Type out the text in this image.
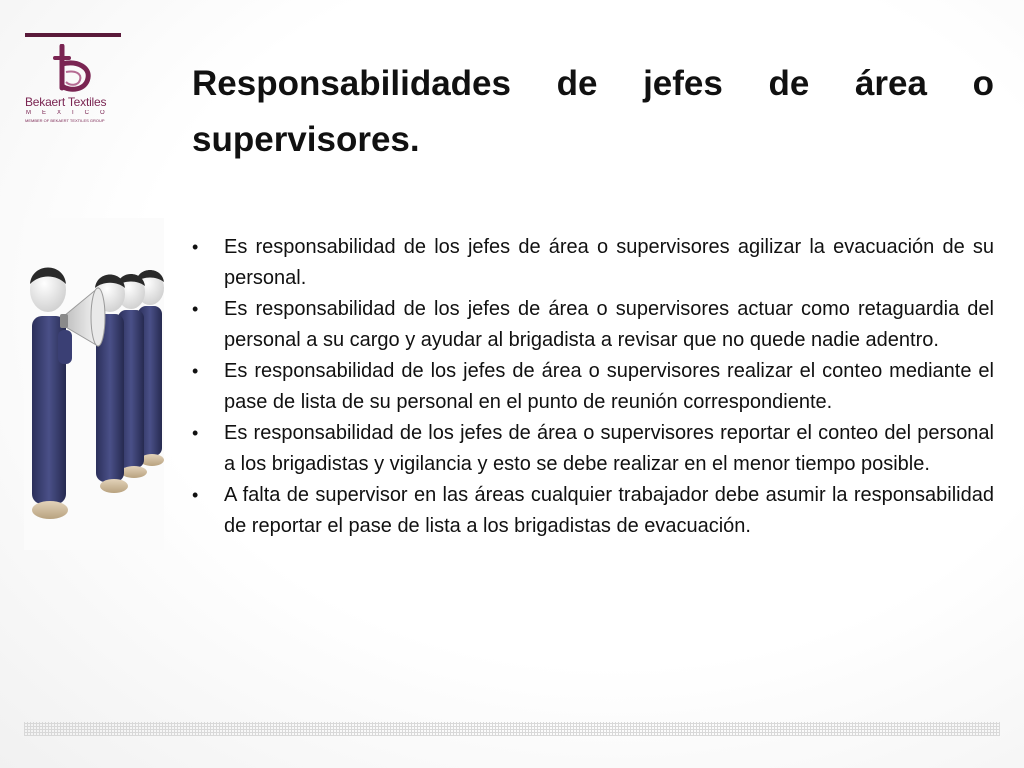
Bekaert Textiles
MEXICO
MEMBER OF BEKAERT TEXTILES GROUP
Responsabilidades de jefes de área o supervisores.
• Es responsabilidad de los jefes de área o supervisores agilizar la evacuación de su personal.
• Es responsabilidad de los jefes de área o supervisores actuar como retaguardia del personal a su cargo y ayudar al brigadista a revisar que no quede nadie adentro.
• Es responsabilidad de los jefes de área o supervisores realizar el conteo mediante el pase de lista de su personal en el punto de reunión correspondiente.
• Es responsabilidad de los jefes de área o supervisores reportar el conteo del personal a los brigadistas y vigilancia y esto se debe realizar en el menor tiempo posible.
• A falta de supervisor en las áreas cualquier trabajador debe asumir la responsabilidad de reportar el pase de lista a los brigadistas de evacuación.
